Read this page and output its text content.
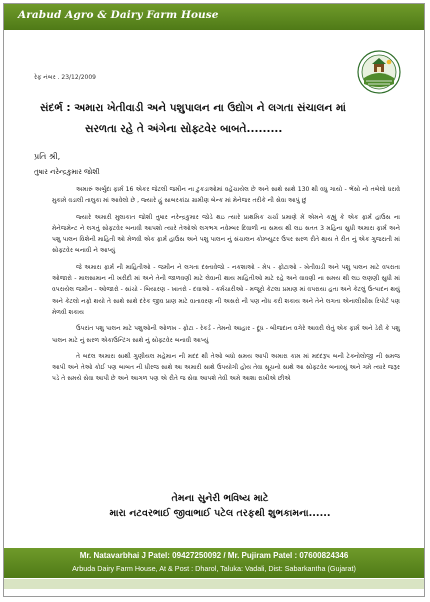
Arabud Agro & Dairy Farm House
રેફ નંબર . 23/12/2009
સંદર્ભ : અમારા ખેતીવાડી અને પશુપાલન ના ઉદ્યોગ ને લગતા સંચાલન માં
સરળતા રહે તે અંગેના સોફ્ટવેર બાબતે.........
પ્રતિ શ્રી,
તુષાર નરેન્દ્રકુમાર જોશી

અમારું અર્બુદા ફાર્મ 16 એકર જેટલી જમીન ના ટુકડાઓમાં વહેંચાયેલ છે અને સાથે સાથે 130 થી વધુ ગાયો - ભેંસો નો તબેલો ધરાવે મુકામે વડાલી તાલુકા માં આવેલો છે , જ્યારે હું સાબરકાંઠા ગ્રામીણ બેન્ક માં મેનેજર તરીકે ની સેવા આપું છું

જ્યારે અમારી મુલાકાત જોશી તુષાર નરેન્દ્રકુમાર જોડે થઇ ત્યારે પ્રાથમિક ચર્ચા પ્રમાણે મેં એમને કહ્યું કે એક ફાર્મ હાઉસ ના મેનેજમેન્ટ ને લગતું સોફ્ટવેર બનાવી આપશો ત્યારે તેઓએ લગભગ નવેમ્બર દિવાળી ના સમય થી લઇ સતત 3 મહિના સુધી અમારા ફાર્મ અને પશુ પાલન વિશેની માહિતી ઓ મેળવી એક ફાર્મ હાઉસ અને પશુ પાલન નું સંચાલન કોમ્પ્યુટર ઉપર સરળ રીતે થાય તે રીત નું એક ગુજરાતી માં સોફ્ટવેર બનાવી ને આપ્યું

જે અમારા ફાર્મ ની માહિતીઓ - જમીન ને લગતા દસ્તાવેજો - નકશાઓ - મેપ - ફોટાઓ - ખેતીવાડી અને પશુ પાલન માટે વપરાતા ઓજારો - માલસામાન ની ખરીદી માં અને તેની જાળવણી માટે લેવાની થાય માહિતીઓ માટે રહે અને વાવણી ના સમય થી લઇ લણણી સુધી માં વપરાયેલ જમીન - ઓજારો - સાંચો - બિયારણ - ખાતરો - દવાઓ - કર્મચારીઓ - મજૂરો કેટલા પ્રમાણ માં વપરાયા હતા અને કેટલું ઉત્પાદન થયું અને કેટલો નફો થયો તે સાથે સાથે દરેક જીવ પ્રાણ માટે વાતાવરણ ની અસરો ની પણ નોંધ કરી શકાય અને તેને લગતા એનાલીસીસ રિપોર્ટ પણ મેળવી શકાય

ઉપરાંત પશુ પાલન માટે પશુઓની ઓળખ - ફોટા - રેકર્ડ - તેમનો આહાર - દૂધ - બીજદાન વગેરે આવરી લેતું એક ફાર્મ અને ડેરી કે પશુ પાલન માટે નું સરળ એકાઉન્ટિંગ સાથે નું સોફ્ટવેર બનાવી આપ્યું

તે બદલ અમારા સાથી ગુણીયલ મહેમાન ની મદદ થી તેઓ બધો સમય આપી અમારા કામ માં મદદરૂપ બની ટેક્નોલોજી ની સમજ આપી અને તેઓ કોઈ પણ બાબત ની ધીરજ સાથે આ અમારી સાથે ઉપયોગી હોય તેવા સૂચનો સાથે આ સોફ્ટવેર બનાવ્યું અને ગમે ત્યારે જરૂર પડે તે સમયે સેવા આપી છે અને આગળ પણ એ રીતે જ સેવા આપશે તેવી અમે આશા રાખીએ છીએ

તેમના સુનેરી ભવિષ્ય માટે
મારા નટવરભાઈ જીવાભાઈ પટેલ તરફથી શુભકામના......
Mr. Natavarbhai J Patel: 09427250092 / Mr. Pujiram Patel : 07600824346
Arbuda Dairy Farm House, At & Post : Dharol, Taluka: Vadali, Dist: Sabarkantha (Gujarat)
